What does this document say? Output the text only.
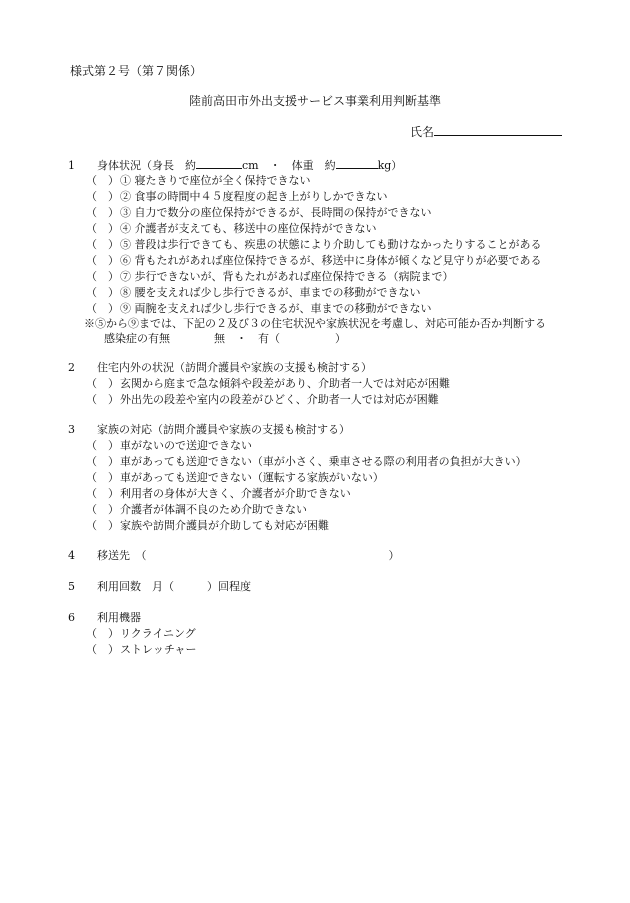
様式第２号（第７関係）
陸前高田市外出支援サービス事業利用判断基準
氏名
1　　 身体状況（身長　約	cm　 ・　 体重　約	kg）
（　 ）① 寝たきりで座位が全く保持できない
（　 ）② 食事の時間中４５度程度の起き上がりしかできない
（　 ）③ 自力で数分の座位保持ができるが、長時間の保持ができない
（　 ）④ 介護者が支えても、移送中の座位保持ができない
（　 ）⑤ 普段は歩行できても、疾患の状態により介助しても動けなかったりすることがある
（　 ）⑥ 背もたれがあれば座位保持できるが、移送中に身体が傾くなど見守りが必要である
（　 ）⑦ 歩行できないが、背もたれがあれば座位保持できる（病院まで）
（　 ）⑧ 腰を支えれば少し歩行できるが、車までの移動ができない
（　 ）⑨ 両腕を支えれば少し歩行できるが、車までの移動ができない
※⑤から⑨までは、下記の２及び３の住宅状況や家族状況を考慮し、対応可能か否か判断する
感染症の有無　　　　無　・　有（　　　　　）
2　　 住宅内外の状況（訪問介護員や家族の支援も検討する）
（　 ）玄関から庭まで急な傾斜や段差があり、介助者一人では対応が困難
（　 ）外出先の段差や室内の段差がひどく、介助者一人では対応が困難
3　　 家族の対応（訪問介護員や家族の支援も検討する）
（　 ）車がないので送迎できない
（　 ）車があっても送迎できない（車が小さく、乗車させる際の利用者の負担が大きい）
（　 ）車があっても送迎できない（運転する家族がいない）
（　 ）利用者の身体が大きく、介護者が介助できない
（　 ）介護者が体調不良のため介助できない
（　 ）家族や訪問介護員が介助しても対応が困難
4　　 移送先　（　　　　　　　　　　　　　　　　　　　　　　）
5　　 利用回数　月（　　　）回程度
6　　 利用機器
（　 ）リクライニング
（　 ）ストレッチャー
